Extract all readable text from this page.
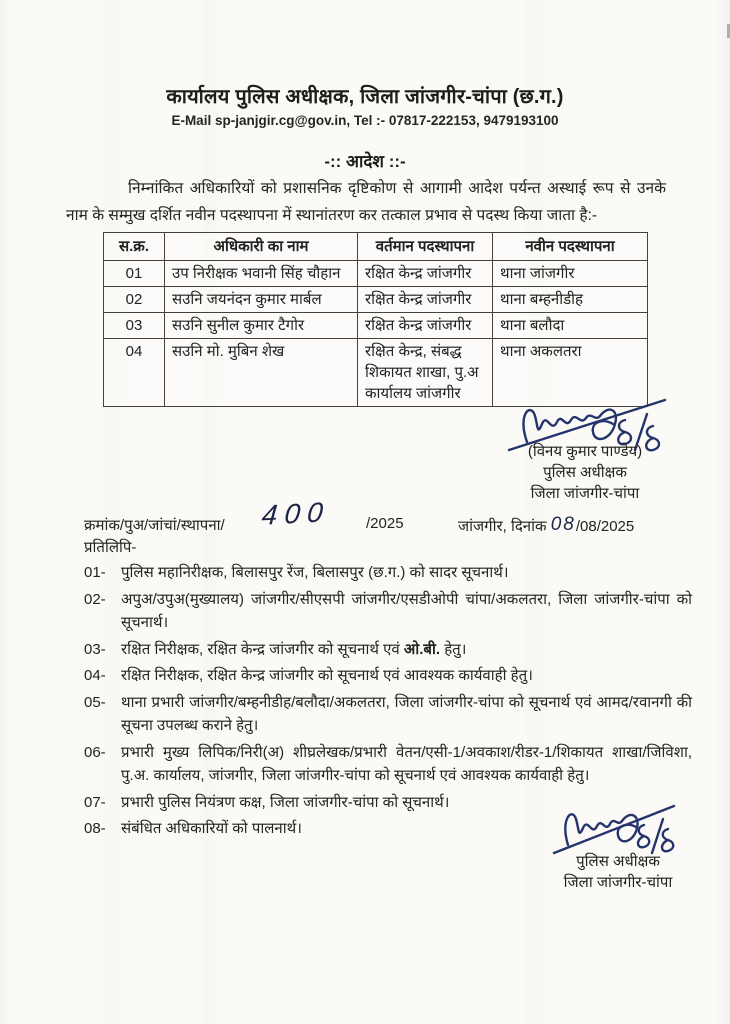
कार्यालय पुलिस अधीक्षक, जिला जांजगीर-चांपा (छ.ग.)
E-Mail sp-janjgir.cg@gov.in, Tel :- 07817-222153, 9479193100
-:: आदेश ::-
निम्नांकित अधिकारियों को प्रशासनिक दृष्टिकोण से आगामी आदेश पर्यन्त अस्थाई रूप से उनके नाम के सम्मुख दर्शित नवीन पदस्थापना में स्थानांतरण कर तत्काल प्रभाव से पदस्थ किया जाता है:-
स.क्र.	अधिकारी का नाम	वर्तमान पदस्थापना	नवीन पदस्थापना
01	उप निरीक्षक भवानी सिंह चौहान	रक्षित केन्द्र जांजगीर	थाना जांजगीर
02	सउनि जयनंदन कुमार मार्बल	रक्षित केन्द्र जांजगीर	थाना बम्हनीडीह
03	सउनि सुनील कुमार टैगोर	रक्षित केन्द्र जांजगीर	थाना बलौदा
04	सउनि मो. मुबिन शेख	रक्षित केन्द्र, संबद्ध शिकायत शाखा, पु.अ कार्यालय जांजगीर	थाना अकलतरा
(विनय कुमार पाण्डेय)
पुलिस अधीक्षक
जिला जांजगीर-चांपा
क्रमांक/पुअ/जांचां/स्थापना/ 400 /2025	जांजगीर, दिनांक 08/08/2025
प्रतिलिपि-
01-	पुलिस महानिरीक्षक, बिलासपुर रेंज, बिलासपुर (छ.ग.) को सादर सूचनार्थ।
02-	अपुअ/उपुअ(मुख्यालय) जांजगीर/सीएसपी जांजगीर/एसडीओपी चांपा/अकलतरा, जिला जांजगीर-चांपा को सूचनार्थ।
03-	रक्षित निरीक्षक, रक्षित केन्द्र जांजगीर को सूचनार्थ एवं ओ.बी. हेतु।
04-	रक्षित निरीक्षक, रक्षित केन्द्र जांजगीर को सूचनार्थ एवं आवश्यक कार्यवाही हेतु।
05-	थाना प्रभारी जांजगीर/बम्हनीडीह/बलौदा/अकलतरा, जिला जांजगीर-चांपा को सूचनार्थ एवं आमद/रवानगी की सूचना उपलब्ध कराने हेतु।
06-	प्रभारी मुख्य लिपिक/निरी(अ) शीघ्रलेखक/प्रभारी वेतन/एसी-1/अवकाश/रीडर-1/शिकायत शाखा/जिविशा, पु.अ. कार्यालय, जांजगीर, जिला जांजगीर-चांपा को सूचनार्थ एवं आवश्यक कार्यवाही हेतु।
07-	प्रभारी पुलिस नियंत्रण कक्ष, जिला जांजगीर-चांपा को सूचनार्थ।
08-	संबंधित अधिकारियों को पालनार्थ।
पुलिस अधीक्षक
जिला जांजगीर-चांपा
